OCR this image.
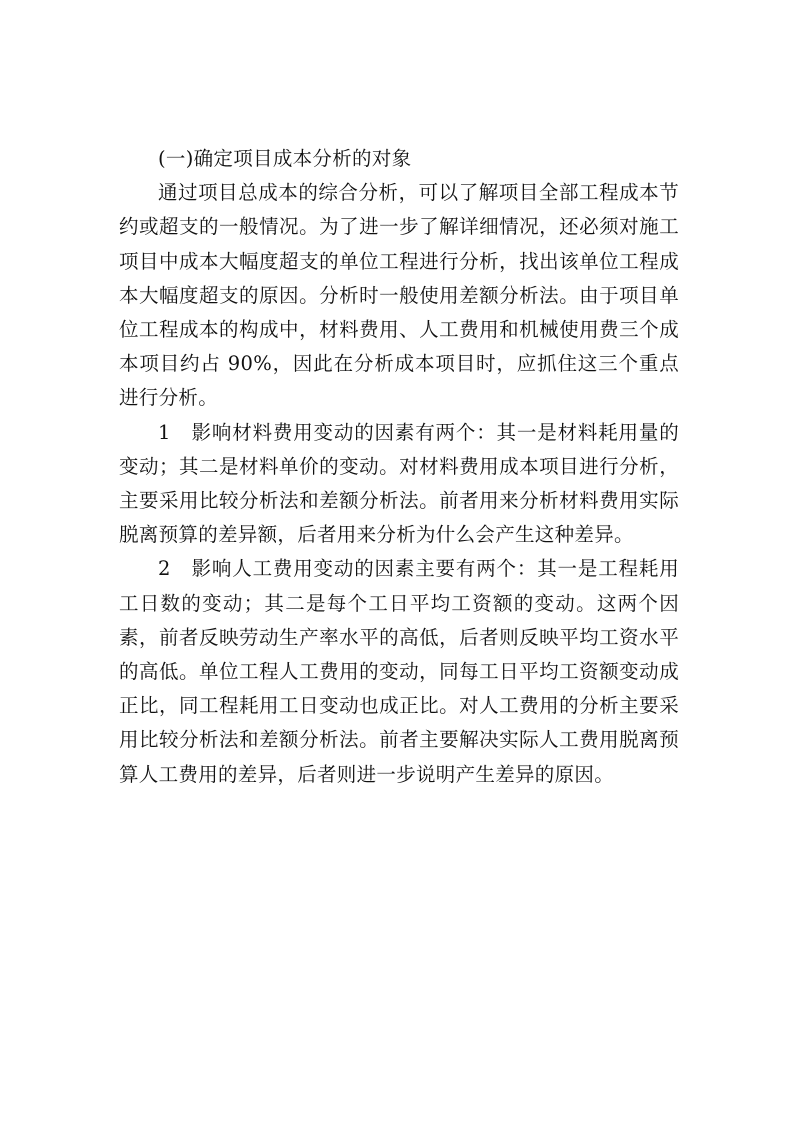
(一)确定项目成本分析的对象

通过项目总成本的综合分析，可以了解项目全部工程成本节约或超支的一般情况。为了进一步了解详细情况，还必须对施工项目中成本大幅度超支的单位工程进行分析，找出该单位工程成本大幅度超支的原因。分析时一般使用差额分析法。由于项目单位工程成本的构成中，材料费用、人工费用和机械使用费三个成本项目约占 90%，因此在分析成本项目时，应抓住这三个重点进行分析。

1　影响材料费用变动的因素有两个：其一是材料耗用量的变动；其二是材料单价的变动。对材料费用成本项目进行分析，主要采用比较分析法和差额分析法。前者用来分析材料费用实际脱离预算的差异额，后者用来分析为什么会产生这种差异。

2　影响人工费用变动的因素主要有两个：其一是工程耗用工日数的变动；其二是每个工日平均工资额的变动。这两个因素，前者反映劳动生产率水平的高低，后者则反映平均工资水平的高低。单位工程人工费用的变动，同每工日平均工资额变动成正比，同工程耗用工日变动也成正比。对人工费用的分析主要采用比较分析法和差额分析法。前者主要解决实际人工费用脱离预算人工费用的差异，后者则进一步说明产生差异的原因。
